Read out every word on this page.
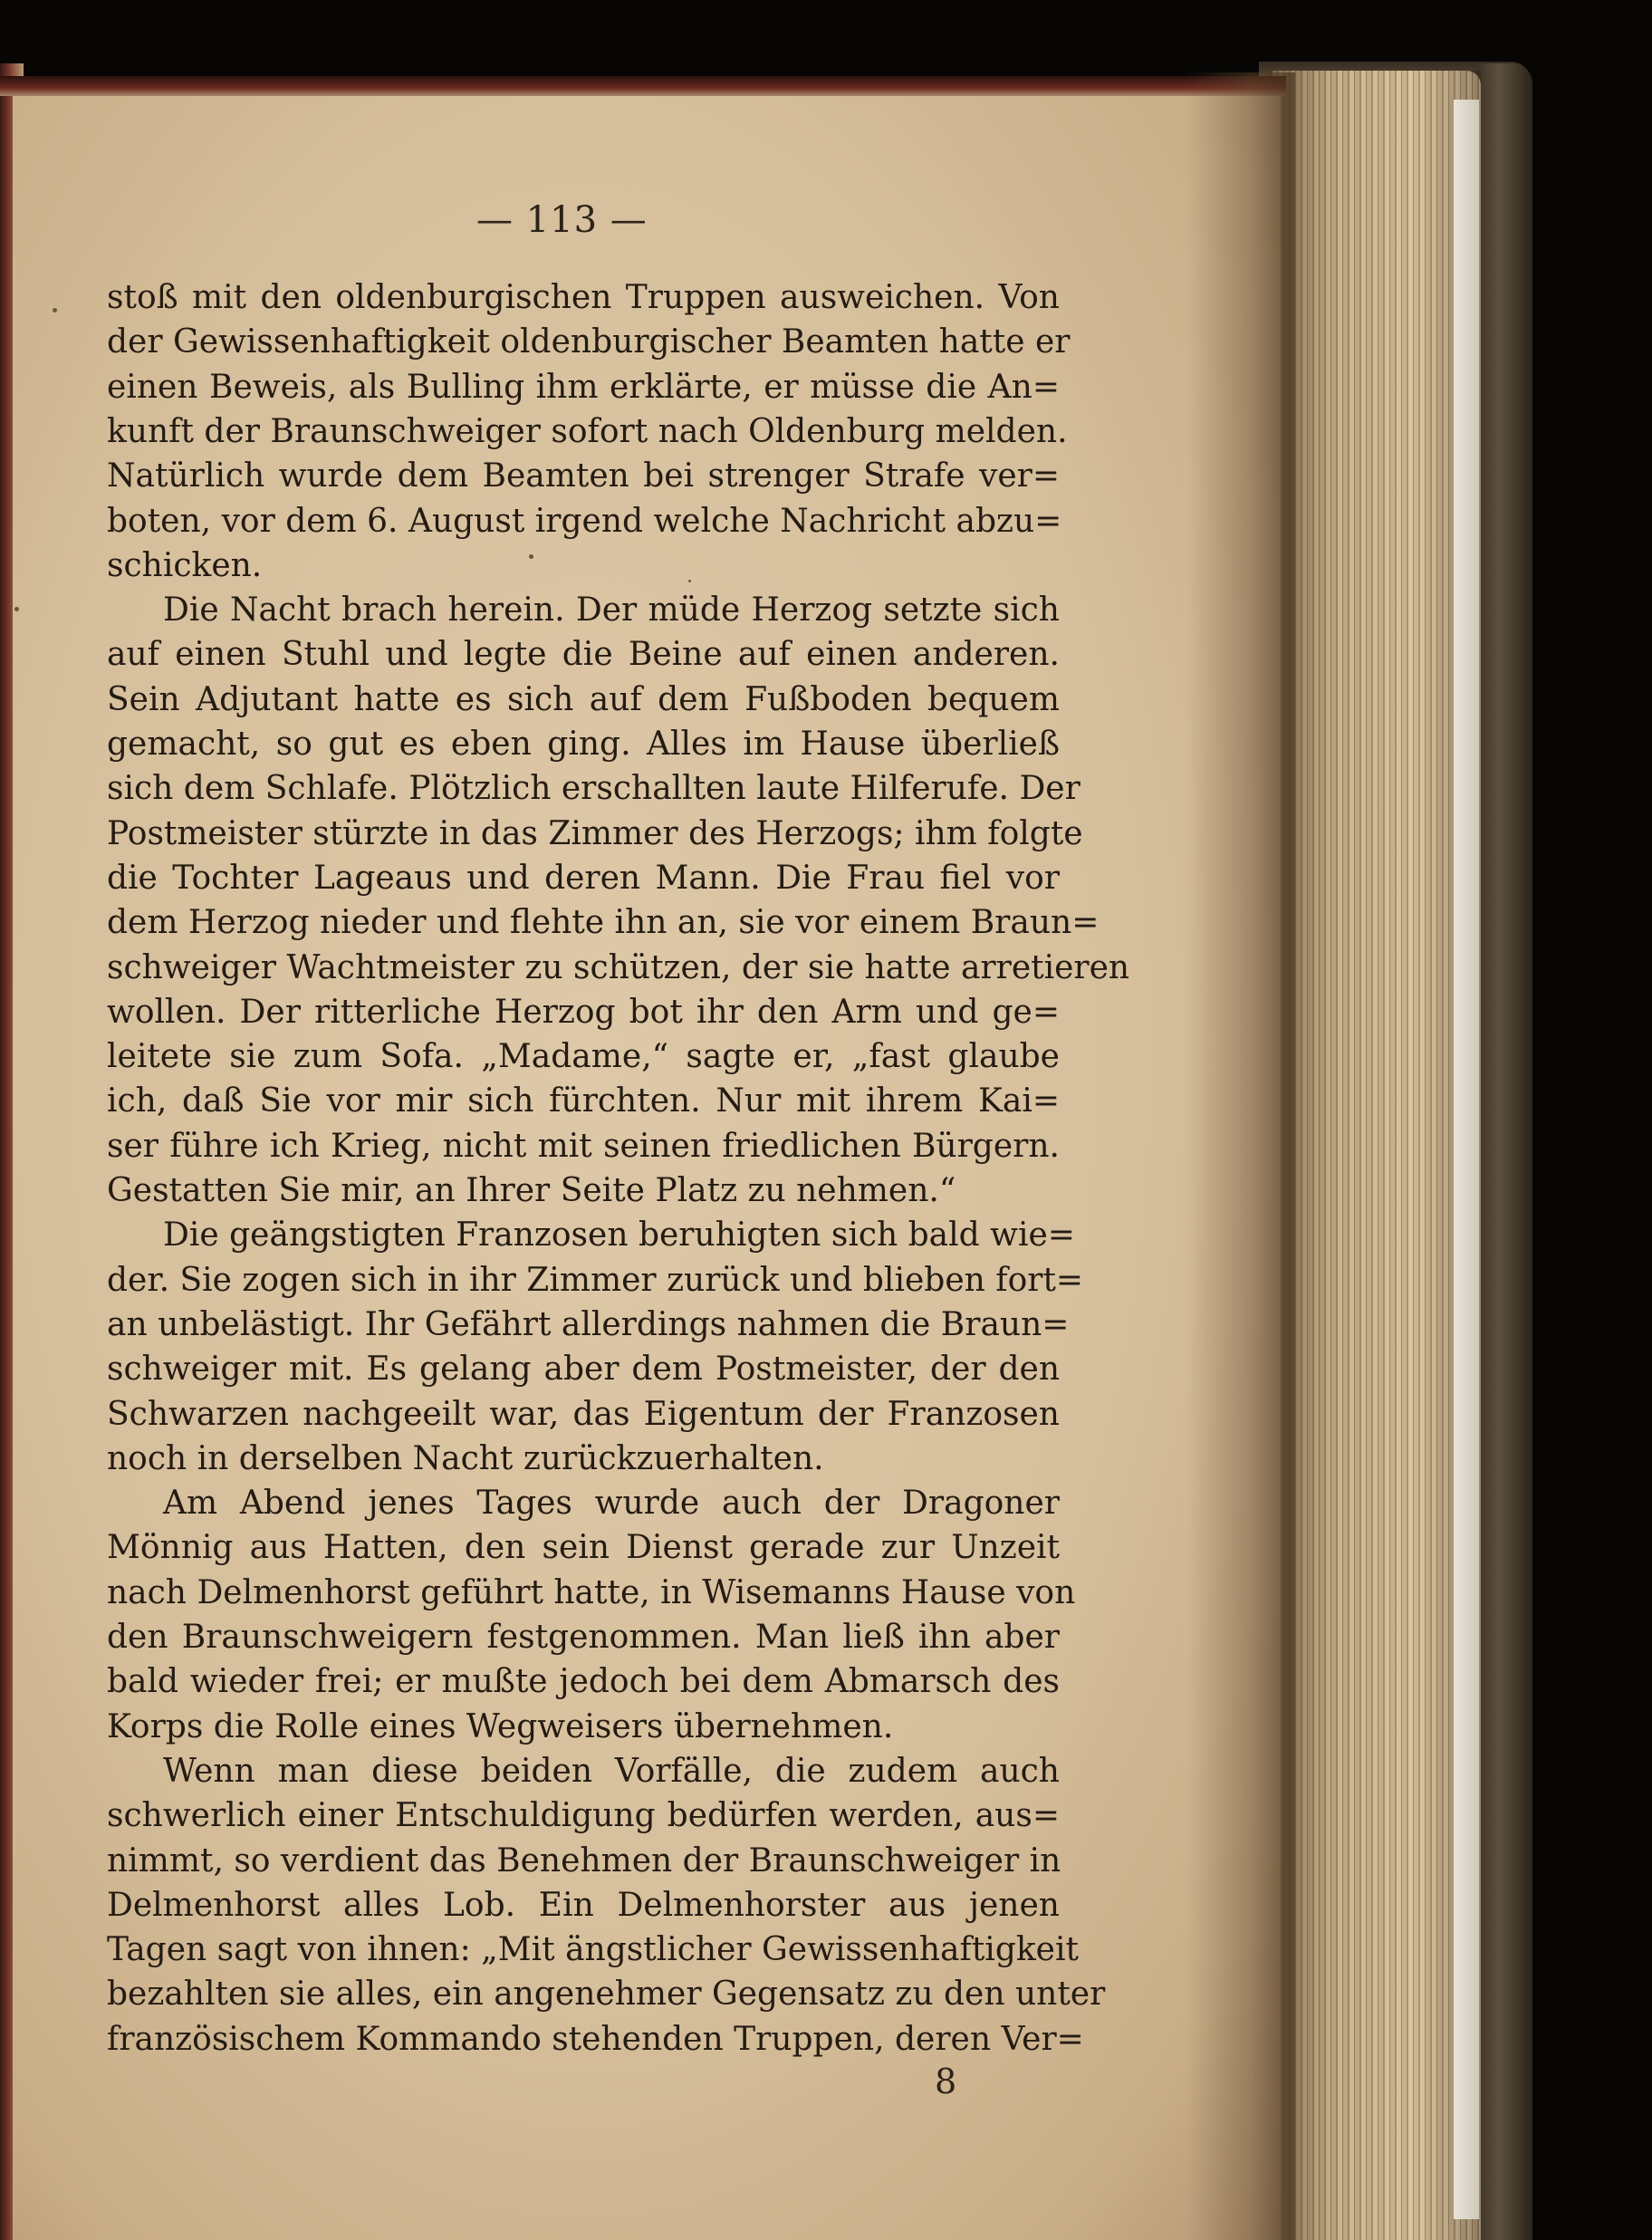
— 113 —
stoß mit den oldenburgischen Truppen ausweichen. Von
der Gewissenhaftigkeit oldenburgischer Beamten hatte er
einen Beweis, als Bulling ihm erklärte, er müsse die An=
kunft der Braunschweiger sofort nach Oldenburg melden.
Natürlich wurde dem Beamten bei strenger Strafe ver=
boten, vor dem 6. August irgend welche Nachricht abzu=
schicken.
Die Nacht brach herein. Der müde Herzog setzte sich
auf einen Stuhl und legte die Beine auf einen anderen.
Sein Adjutant hatte es sich auf dem Fußboden bequem
gemacht, so gut es eben ging. Alles im Hause überließ
sich dem Schlafe. Plötzlich erschallten laute Hilferufe. Der
Postmeister stürzte in das Zimmer des Herzogs; ihm folgte
die Tochter Lageaus und deren Mann. Die Frau fiel vor
dem Herzog nieder und flehte ihn an, sie vor einem Braun=
schweiger Wachtmeister zu schützen, der sie hatte arretieren
wollen. Der ritterliche Herzog bot ihr den Arm und ge=
leitete sie zum Sofa. „Madame,“ sagte er, „fast glaube
ich, daß Sie vor mir sich fürchten. Nur mit ihrem Kai=
ser führe ich Krieg, nicht mit seinen friedlichen Bürgern.
Gestatten Sie mir, an Ihrer Seite Platz zu nehmen.“
Die geängstigten Franzosen beruhigten sich bald wie=
der. Sie zogen sich in ihr Zimmer zurück und blieben fort=
an unbelästigt. Ihr Gefährt allerdings nahmen die Braun=
schweiger mit. Es gelang aber dem Postmeister, der den
Schwarzen nachgeeilt war, das Eigentum der Franzosen
noch in derselben Nacht zurückzuerhalten.
Am Abend jenes Tages wurde auch der Dragoner
Mönnig aus Hatten, den sein Dienst gerade zur Unzeit
nach Delmenhorst geführt hatte, in Wisemanns Hause von
den Braunschweigern festgenommen. Man ließ ihn aber
bald wieder frei; er mußte jedoch bei dem Abmarsch des
Korps die Rolle eines Wegweisers übernehmen.
Wenn man diese beiden Vorfälle, die zudem auch
schwerlich einer Entschuldigung bedürfen werden, aus=
nimmt, so verdient das Benehmen der Braunschweiger in
Delmenhorst alles Lob. Ein Delmenhorster aus jenen
Tagen sagt von ihnen: „Mit ängstlicher Gewissenhaftigkeit
bezahlten sie alles, ein angenehmer Gegensatz zu den unter
französischem Kommando stehenden Truppen, deren Ver=
8
